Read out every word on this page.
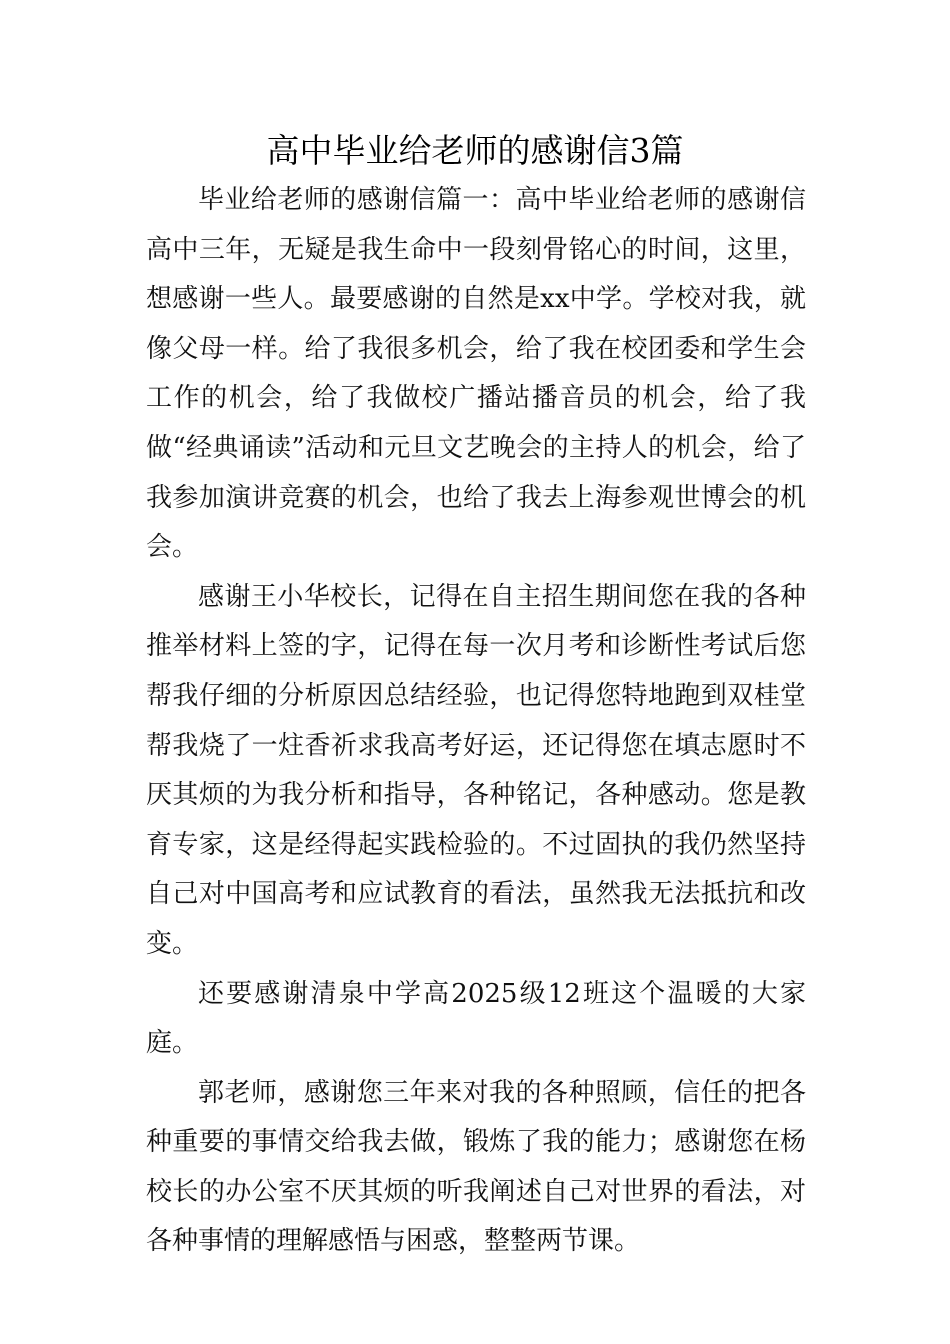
高中毕业给老师的感谢信3篇

毕业给老师的感谢信篇一：高中毕业给老师的感谢信高中三年，无疑是我生命中一段刻骨铭心的时间，这里，想感谢一些人。最要感谢的自然是xx中学。学校对我，就像父母一样。给了我很多机会，给了我在校团委和学生会工作的机会，给了我做校广播站播音员的机会，给了我做“经典诵读”活动和元旦文艺晚会的主持人的机会，给了我参加演讲竞赛的机会，也给了我去上海参观世博会的机会。

感谢王小华校长，记得在自主招生期间您在我的各种推举材料上签的字，记得在每一次月考和诊断性考试后您帮我仔细的分析原因总结经验，也记得您特地跑到双桂堂帮我烧了一炷香祈求我高考好运，还记得您在填志愿时不厌其烦的为我分析和指导，各种铭记，各种感动。您是教育专家，这是经得起实践检验的。不过固执的我仍然坚持自己对中国高考和应试教育的看法，虽然我无法抵抗和改变。

还要感谢清泉中学高2025级12班这个温暖的大家庭。

郭老师，感谢您三年来对我的各种照顾，信任的把各种重要的事情交给我去做，锻炼了我的能力；感谢您在杨校长的办公室不厌其烦的听我阐述自己对世界的看法，对各种事情的理解感悟与困惑，整整两节课。
